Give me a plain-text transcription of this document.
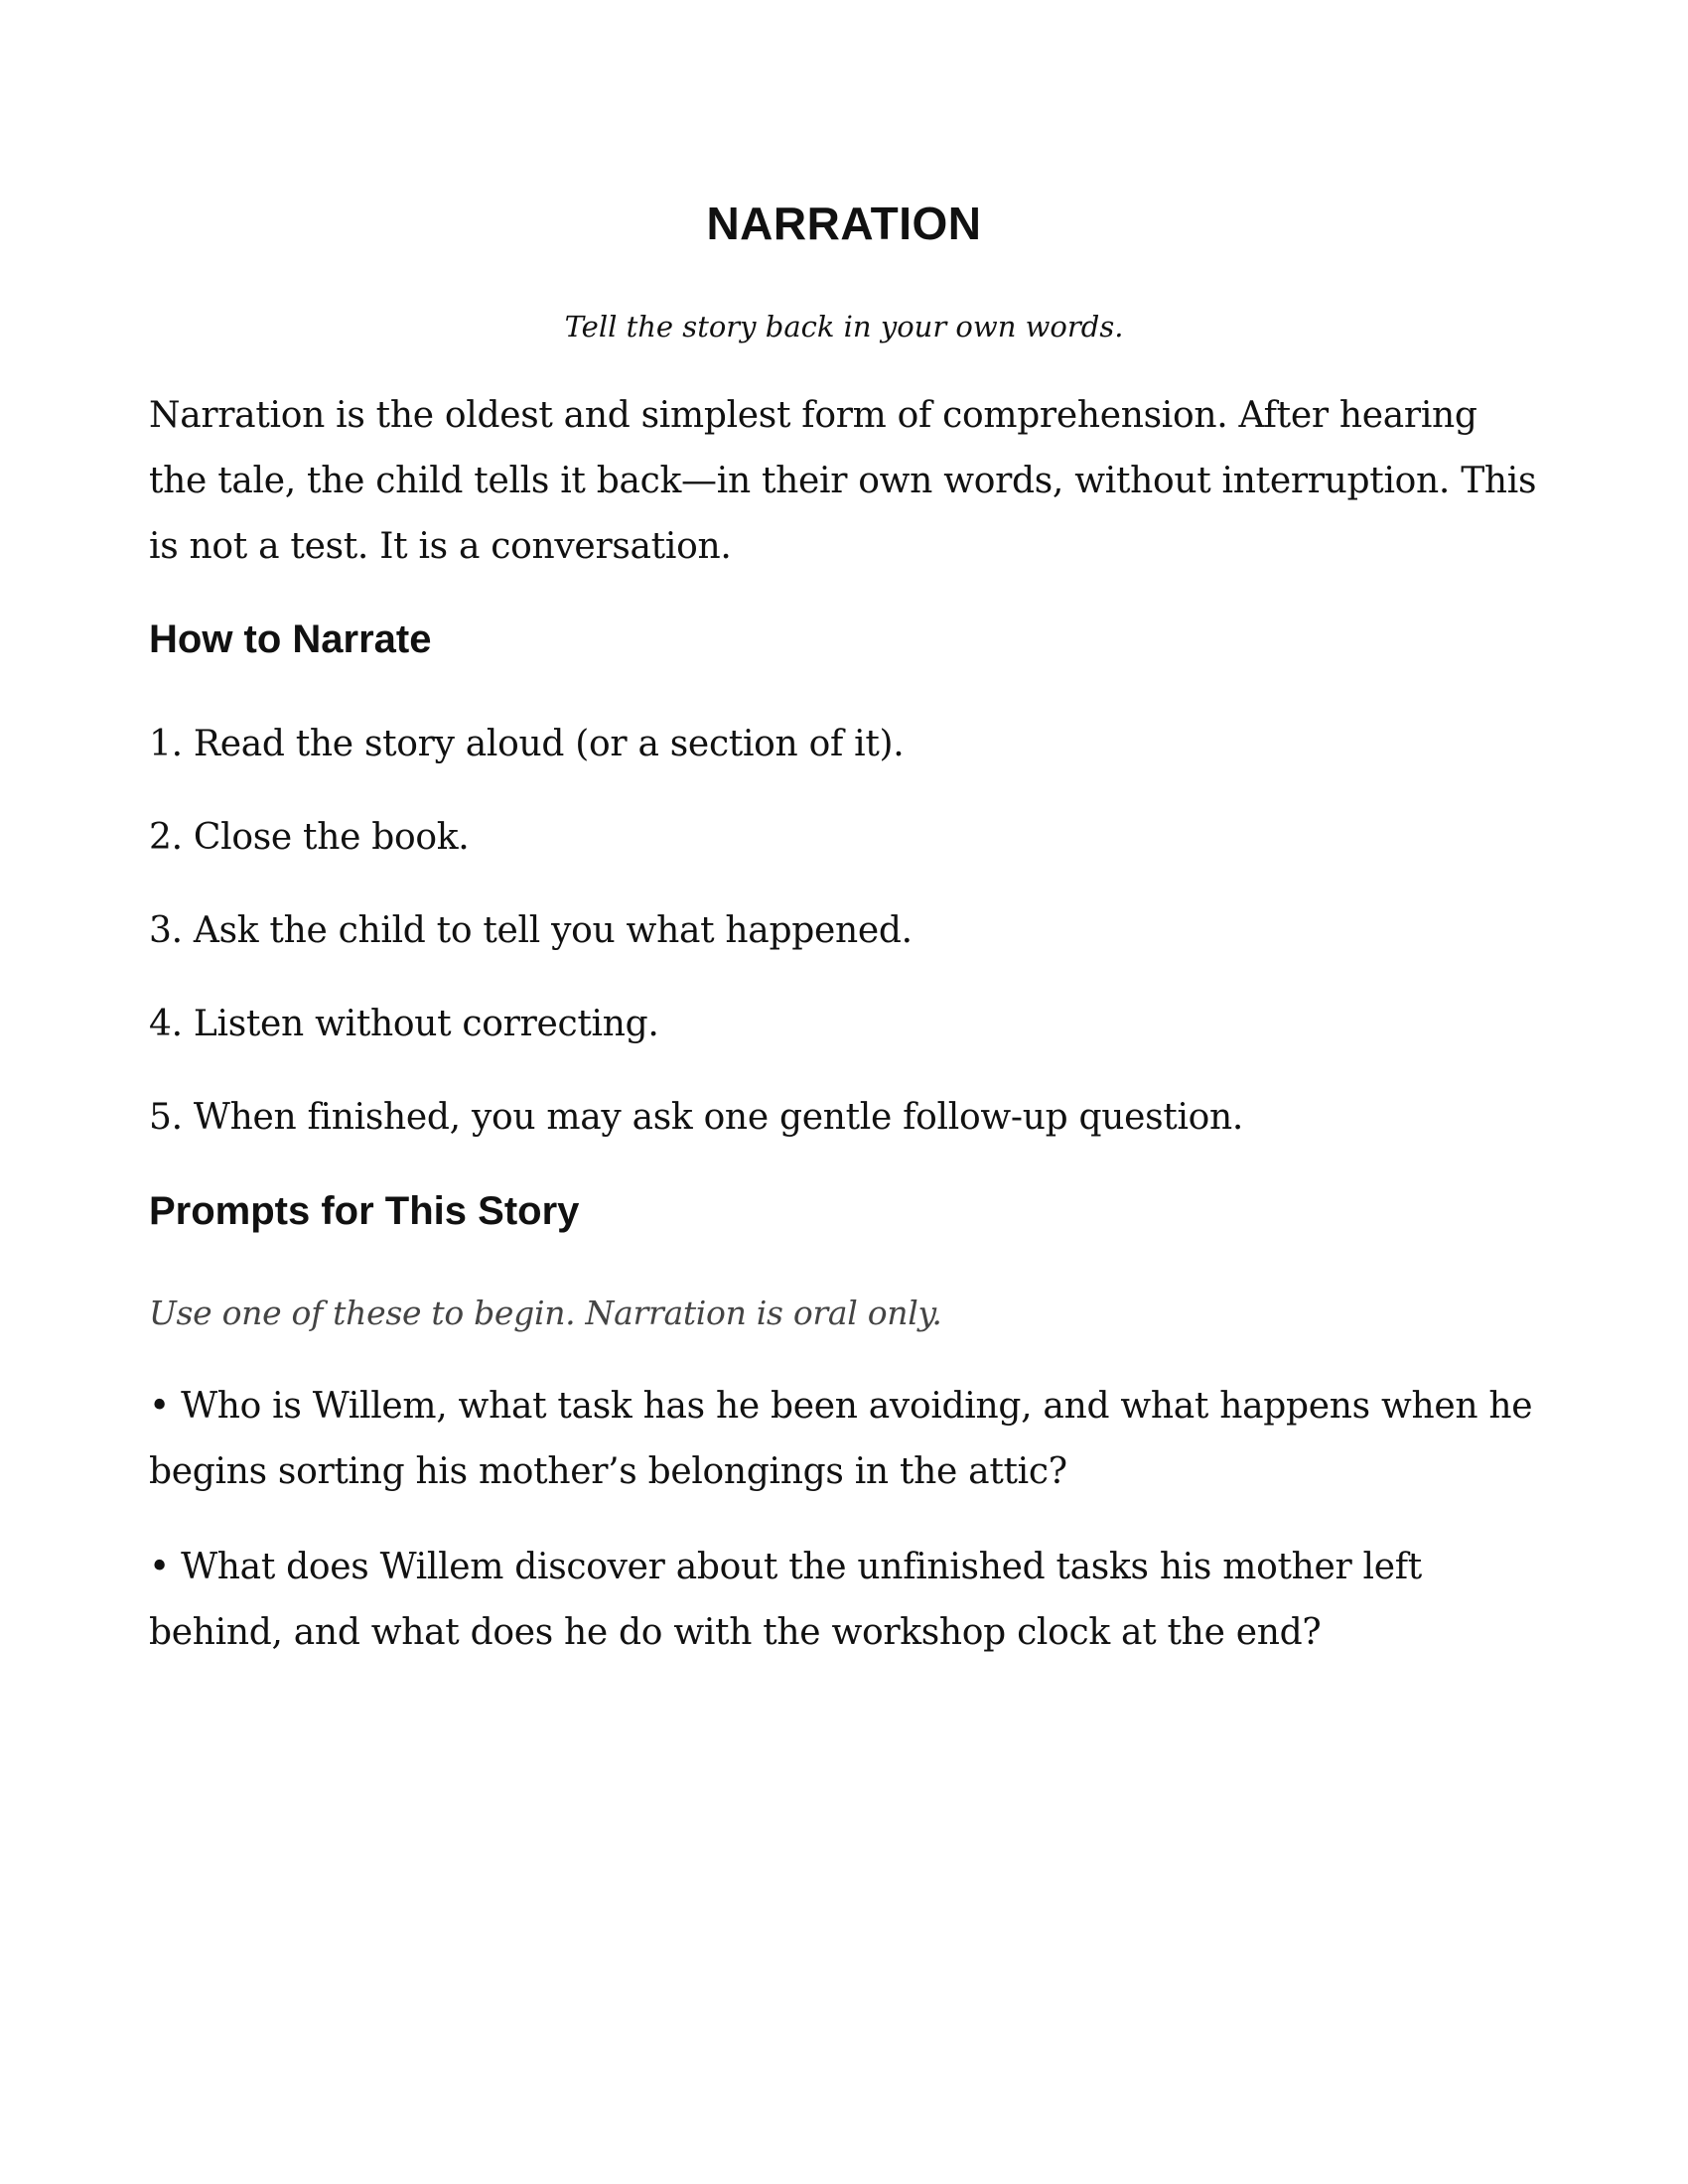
NARRATION

Tell the story back in your own words.

Narration is the oldest and simplest form of comprehension. After hearing the tale, the child tells it back—in their own words, without interruption. This is not a test. It is a conversation.

How to Narrate

1. Read the story aloud (or a section of it).

2. Close the book.

3. Ask the child to tell you what happened.

4. Listen without correcting.

5. When finished, you may ask one gentle follow-up question.

Prompts for This Story

Use one of these to begin. Narration is oral only.

• Who is Willem, what task has he been avoiding, and what happens when he begins sorting his mother’s belongings in the attic?

• What does Willem discover about the unfinished tasks his mother left behind, and what does he do with the workshop clock at the end?
